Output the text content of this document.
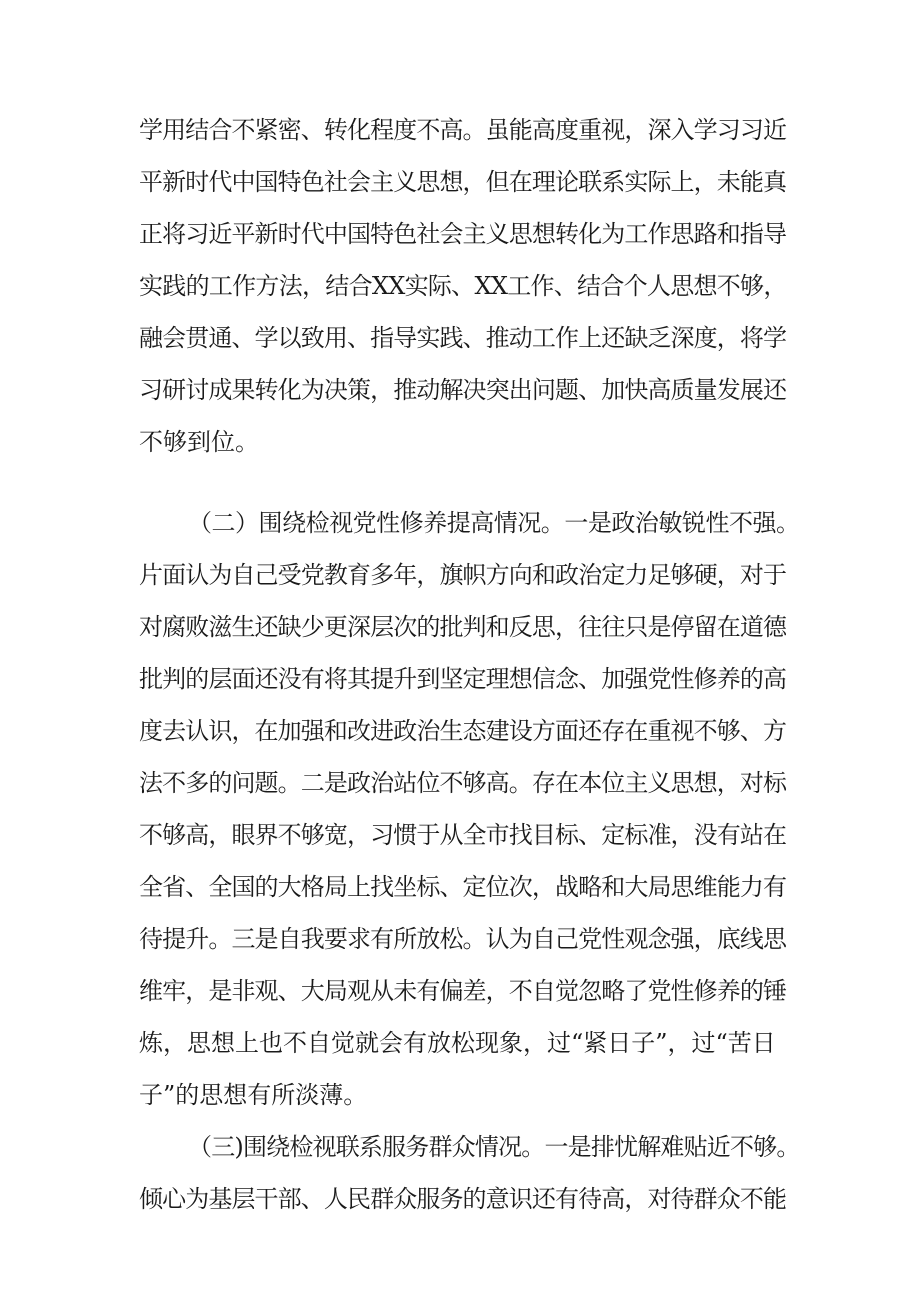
学用结合不紧密、转化程度不高。虽能高度重视，深入学习习近
平新时代中国特色社会主义思想，但在理论联系实际上，未能真
正将习近平新时代中国特色社会主义思想转化为工作思路和指导
实践的工作方法，结合XX实际、XX工作、结合个人思想不够，
融会贯通、学以致用、指导实践、推动工作上还缺乏深度，将学
习研讨成果转化为决策，推动解决突出问题、加快高质量发展还
不够到位。
（二）围绕检视党性修养提高情况。一是政治敏锐性不强。
片面认为自己受党教育多年，旗帜方向和政治定力足够硬，对于
对腐败滋生还缺少更深层次的批判和反思，往往只是停留在道德
批判的层面还没有将其提升到坚定理想信念、加强党性修养的高
度去认识，在加强和改进政治生态建设方面还存在重视不够、方
法不多的问题。二是政治站位不够高。存在本位主义思想，对标
不够高，眼界不够宽，习惯于从全市找目标、定标准，没有站在
全省、全国的大格局上找坐标、定位次，战略和大局思维能力有
待提升。三是自我要求有所放松。认为自己党性观念强，底线思
维牢，是非观、大局观从未有偏差，不自觉忽略了党性修养的锤
炼，思想上也不自觉就会有放松现象，过“紧日子”，过“苦日
子”的思想有所淡薄。
（三)围绕检视联系服务群众情况。一是排忧解难贴近不够。
倾心为基层干部、人民群众服务的意识还有待高，对待群众不能
